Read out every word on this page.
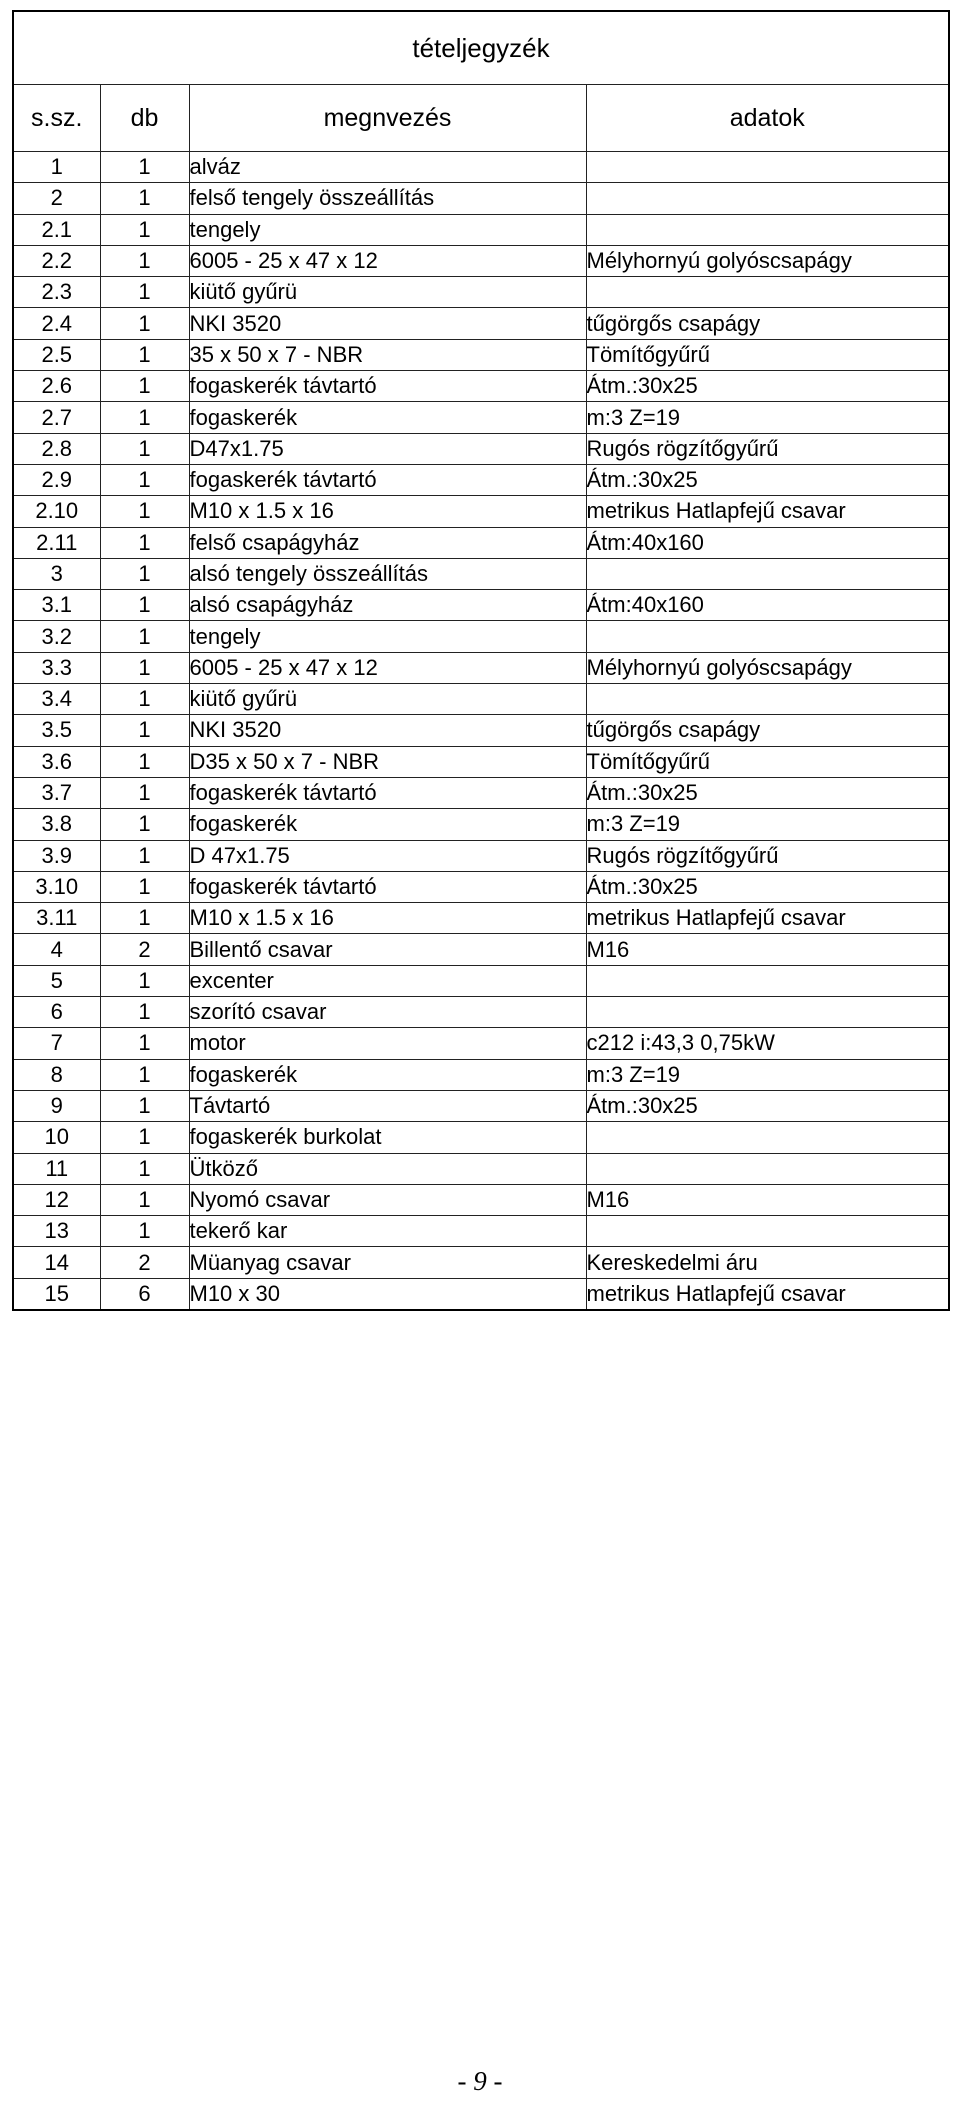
tételjegyzék			
s.sz.	db	megnvezés	adatok
1	1	alváz	
2	1	felső tengely összeállítás	
2.1	1	tengely	
2.2	1	6005 - 25 x 47 x 12	Mélyhornyú golyóscsapágy
2.3	1	kiütő gyűrü	
2.4	1	NKI 3520	tűgörgős csapágy
2.5	1	35 x 50 x 7 - NBR	Tömítőgyűrű
2.6	1	fogaskerék távtartó	Átm.:30x25
2.7	1	fogaskerék	m:3 Z=19
2.8	1	D47x1.75	Rugós rögzítőgyűrű
2.9	1	fogaskerék távtartó	Átm.:30x25
2.10	1	M10 x 1.5 x 16	metrikus Hatlapfejű csavar
2.11	1	felső csapágyház	Átm:40x160
3	1	alsó tengely összeállítás	
3.1	1	alsó csapágyház	Átm:40x160
3.2	1	tengely	
3.3	1	6005 - 25 x 47 x 12	Mélyhornyú golyóscsapágy
3.4	1	kiütő gyűrü	
3.5	1	NKI 3520	tűgörgős csapágy
3.6	1	D35 x 50 x 7 - NBR	Tömítőgyűrű
3.7	1	fogaskerék távtartó	Átm.:30x25
3.8	1	fogaskerék	m:3 Z=19
3.9	1	D 47x1.75	Rugós rögzítőgyűrű
3.10	1	fogaskerék távtartó	Átm.:30x25
3.11	1	M10 x 1.5 x 16	metrikus Hatlapfejű csavar
4	2	Billentő csavar	M16
5	1	excenter	
6	1	szorító csavar	
7	1	motor	c212 i:43,3 0,75kW
8	1	fogaskerék	m:3 Z=19
9	1	Távtartó	Átm.:30x25
10	1	fogaskerék burkolat	
11	1	Ütköző	
12	1	Nyomó csavar	M16
13	1	tekerő kar	
14	2	Müanyag csavar	Kereskedelmi áru
15	6	M10 x 30	metrikus Hatlapfejű csavar
- 9 -
